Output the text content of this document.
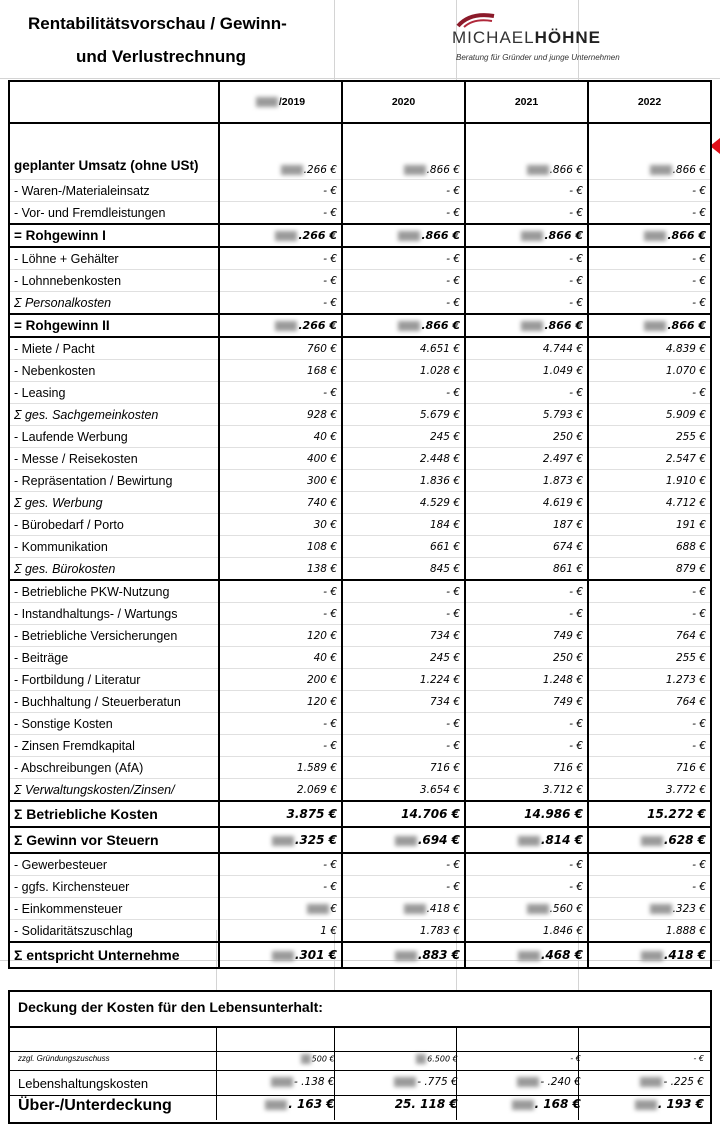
Rentabilitätsvorschau / Gewinn-
und Verlustrechnung
MICHAELHÖHNE
Beratung für Gründer und junge Unternehmen
	/2019	2020	2021	2022
geplanter Umsatz (ohne USt)	.266 €	.866 €	.866 €	.866 €
- Waren-/Materialeinsatz	- €	- €	- €	- €
- Vor- und Fremdleistungen	- €	- €	- €	- €
= Rohgewinn I	.266 €	.866 €	.866 €	.866 €
- Löhne + Gehälter	- €	- €	- €	- €
- Lohnnebenkosten	- €	- €	- €	- €
Σ Personalkosten	- €	- €	- €	- €
= Rohgewinn II	.266 €	.866 €	.866 €	.866 €
- Miete / Pacht	760 €	4.651 €	4.744 €	4.839 €
- Nebenkosten	168 €	1.028 €	1.049 €	1.070 €
- Leasing	- €	- €	- €	- €
Σ ges. Sachgemeinkosten	928 €	5.679 €	5.793 €	5.909 €
- Laufende Werbung	40 €	245 €	250 €	255 €
- Messe / Reisekosten	400 €	2.448 €	2.497 €	2.547 €
- Repräsentation / Bewirtung	300 €	1.836 €	1.873 €	1.910 €
Σ ges. Werbung	740 €	4.529 €	4.619 €	4.712 €
- Bürobedarf / Porto	30 €	184 €	187 €	191 €
- Kommunikation	108 €	661 €	674 €	688 €
Σ ges. Bürokosten	138 €	845 €	861 €	879 €
- Betriebliche PKW-Nutzung	- €	- €	- €	- €
- Instandhaltungs- / Wartungs	- €	- €	- €	- €
- Betriebliche Versicherungen	120 €	734 €	749 €	764 €
- Beiträge	40 €	245 €	250 €	255 €
- Fortbildung / Literatur	200 €	1.224 €	1.248 €	1.273 €
- Buchhaltung / Steuerberatun	120 €	734 €	749 €	764 €
- Sonstige Kosten	- €	- €	- €	- €
- Zinsen Fremdkapital	- €	- €	- €	- €
- Abschreibungen (AfA)	1.589 €	716 €	716 €	716 €
Σ Verwaltungskosten/Zinsen/	2.069 €	3.654 €	3.712 €	3.772 €
Σ Betriebliche Kosten	3.875 €	14.706 €	14.986 €	15.272 €
Σ Gewinn vor Steuern	.325 €	.694 €	.814 €	.628 €
- Gewerbesteuer	- €	- €	- €	- €
- ggfs. Kirchensteuer	- €	- €	- €	- €
- Einkommensteuer	€	.418 €	.560 €	.323 €
- Solidaritätszuschlag	1 €	1.783 €	1.846 €	1.888 €
Σ entspricht Unternehme	.301 €	.883 €	.468 €	.418 €
Deckung der Kosten für den Lebensunterhalt:
zzgl. Gründungszuschuss	500 €	6.500 €	- €	- €
Lebenshaltungskosten	- .138 €	- .775 €	- .240 €	- .225 €
Über-/Unterdeckung	. 163 €	25. 118 €	. 168 €	. 193 €
